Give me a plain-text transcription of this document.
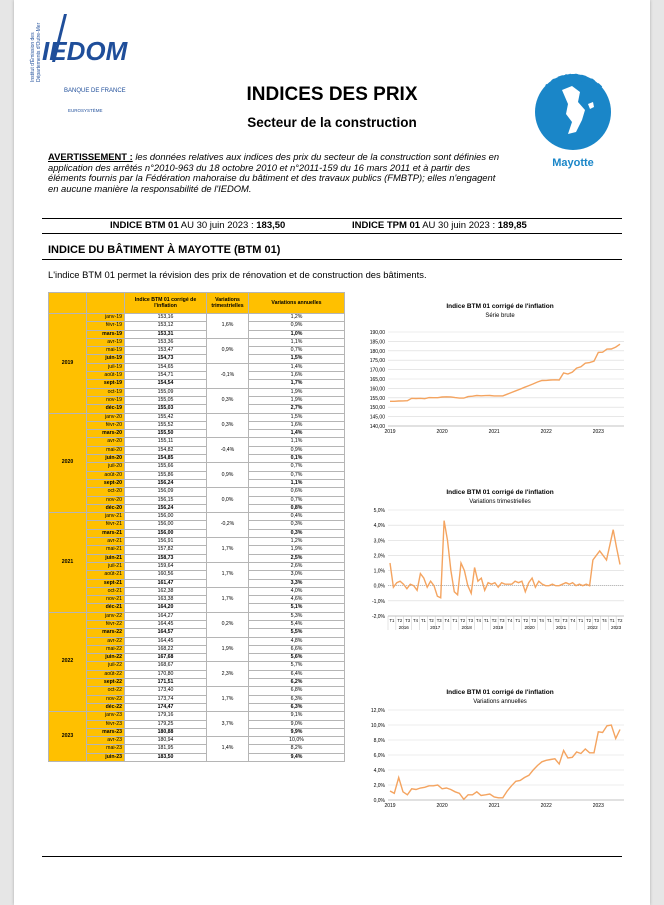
Institut d'Émission des Départements d'Outre-Mer IEDOM
BANQUE DE FRANCE
EUROSYSTÈME
AGENCE DE
Mayotte
INDICES DES PRIX
Secteur de la construction
AVERTISSEMENT : les données relatives aux indices des prix du secteur de la construction sont définies en application des arrêtés n°2010-963 du 18 octobre 2010 et n°2011-159 du 16 mars 2011 et à partir des éléments fournis par la Fédération mahoraise du bâtiment et des travaux publics (FMBTP); elles n'engagent en aucune manière la responsabilité de l'IEDOM.
INDICE BTM 01 AU 30 juin 2023 : 183,50	INDICE TPM 01 AU 30 juin 2023 : 189,85
INDICE DU BÂTIMENT À MAYOTTE (BTM 01)
L'indice BTM 01 permet la révision des prix de rénovation et de construction des bâtiments.
		Indice BTM 01 corrigé de l'inflation	Variations trimestrielles	Variations annuelles
2019	janv-19	153,16	1,6%	1,2%
	févr-19	153,12		0,9%
	mars-19	153,31		1,0%
	avr-19	153,36	0,9%	1,1%
	mai-19	153,47		0,7%
	juin-19	154,73		1,5%
	juil-19	154,65	-0,1%	1,4%
	août-19	154,71		1,6%
	sept-19	154,54		1,7%
	oct-19	155,09	0,3%	1,9%
	nov-19	155,05		1,9%
	déc-19	155,03		2,7%
2020	janv-20	155,42	0,3%	1,5%
	févr-20	155,52		1,6%
	mars-20	155,50		1,4%
	avr-20	155,11	-0,4%	1,1%
	mai-20	154,82		0,9%
	juin-20	154,85		0,1%
	juil-20	155,66	0,9%	0,7%
	août-20	155,86		0,7%
	sept-20	156,24		1,1%
	oct-20	156,09	0,0%	0,6%
	nov-20	156,15		0,7%
	déc-20	156,24		0,8%
2021	janv-21	156,00	-0,2%	0,4%
	févr-21	156,00		0,3%
	mars-21	156,00		0,3%
	avr-21	156,91	1,7%	1,2%
	mai-21	157,82		1,9%
	juin-21	158,73		2,5%
	juil-21	159,64	1,7%	2,6%
	août-21	160,56		3,0%
	sept-21	161,47		3,3%
	oct-21	162,38	1,7%	4,0%
	nov-21	163,38		4,6%
	déc-21	164,20		5,1%
2022	janv-22	164,27	0,2%	5,3%
	févr-22	164,45		5,4%
	mars-22	164,57		5,5%
	avr-22	164,45	1,9%	4,8%
	mai-22	168,22		6,6%
	juin-22	167,68		5,6%
	juil-22	168,67	2,3%	5,7%
	août-22	170,80		6,4%
	sept-22	171,51		6,2%
	oct-22	173,40	1,7%	6,8%
	nov-22	173,74		6,3%
	déc-22	174,47		6,3%
2023	janv-23	179,16	3,7%	9,1%
	févr-23	179,25		9,0%
	mars-23	180,88		9,9%
	avr-23	180,94	1,4%	10,0%
	mai-23	181,95		8,2%
	juin-23	183,50		9,4%
Indice BTM 01 corrigé de l'inflation
Série brute
140,00
145,00
150,00
155,00
160,00
165,00
170,00
175,00
180,00
185,00
190,00
2019	2020	2021	2022	2023
Indice BTM 01 corrigé de l'inflation
Variations trimestrielles
-2,0%
-1,0%
0,0%
1,0%
2,0%
3,0%
4,0%
5,0%
T1 T2 T3 T4 T1 T2 T3 T4 T1 T2 T3 T4 T1 T2 T3 T4 T1 T2 T3 T4 T1 T2 T3 T4 T1 T2 T3 T4 T1 T2
2016	2017	2018	2019	2020	2021	2022	2023
Indice BTM 01 corrigé de l'inflation
Variations annuelles
0,0%
2,0%
4,0%
6,0%
8,0%
10,0%
12,0%
2019	2020	2021	2022	2023
